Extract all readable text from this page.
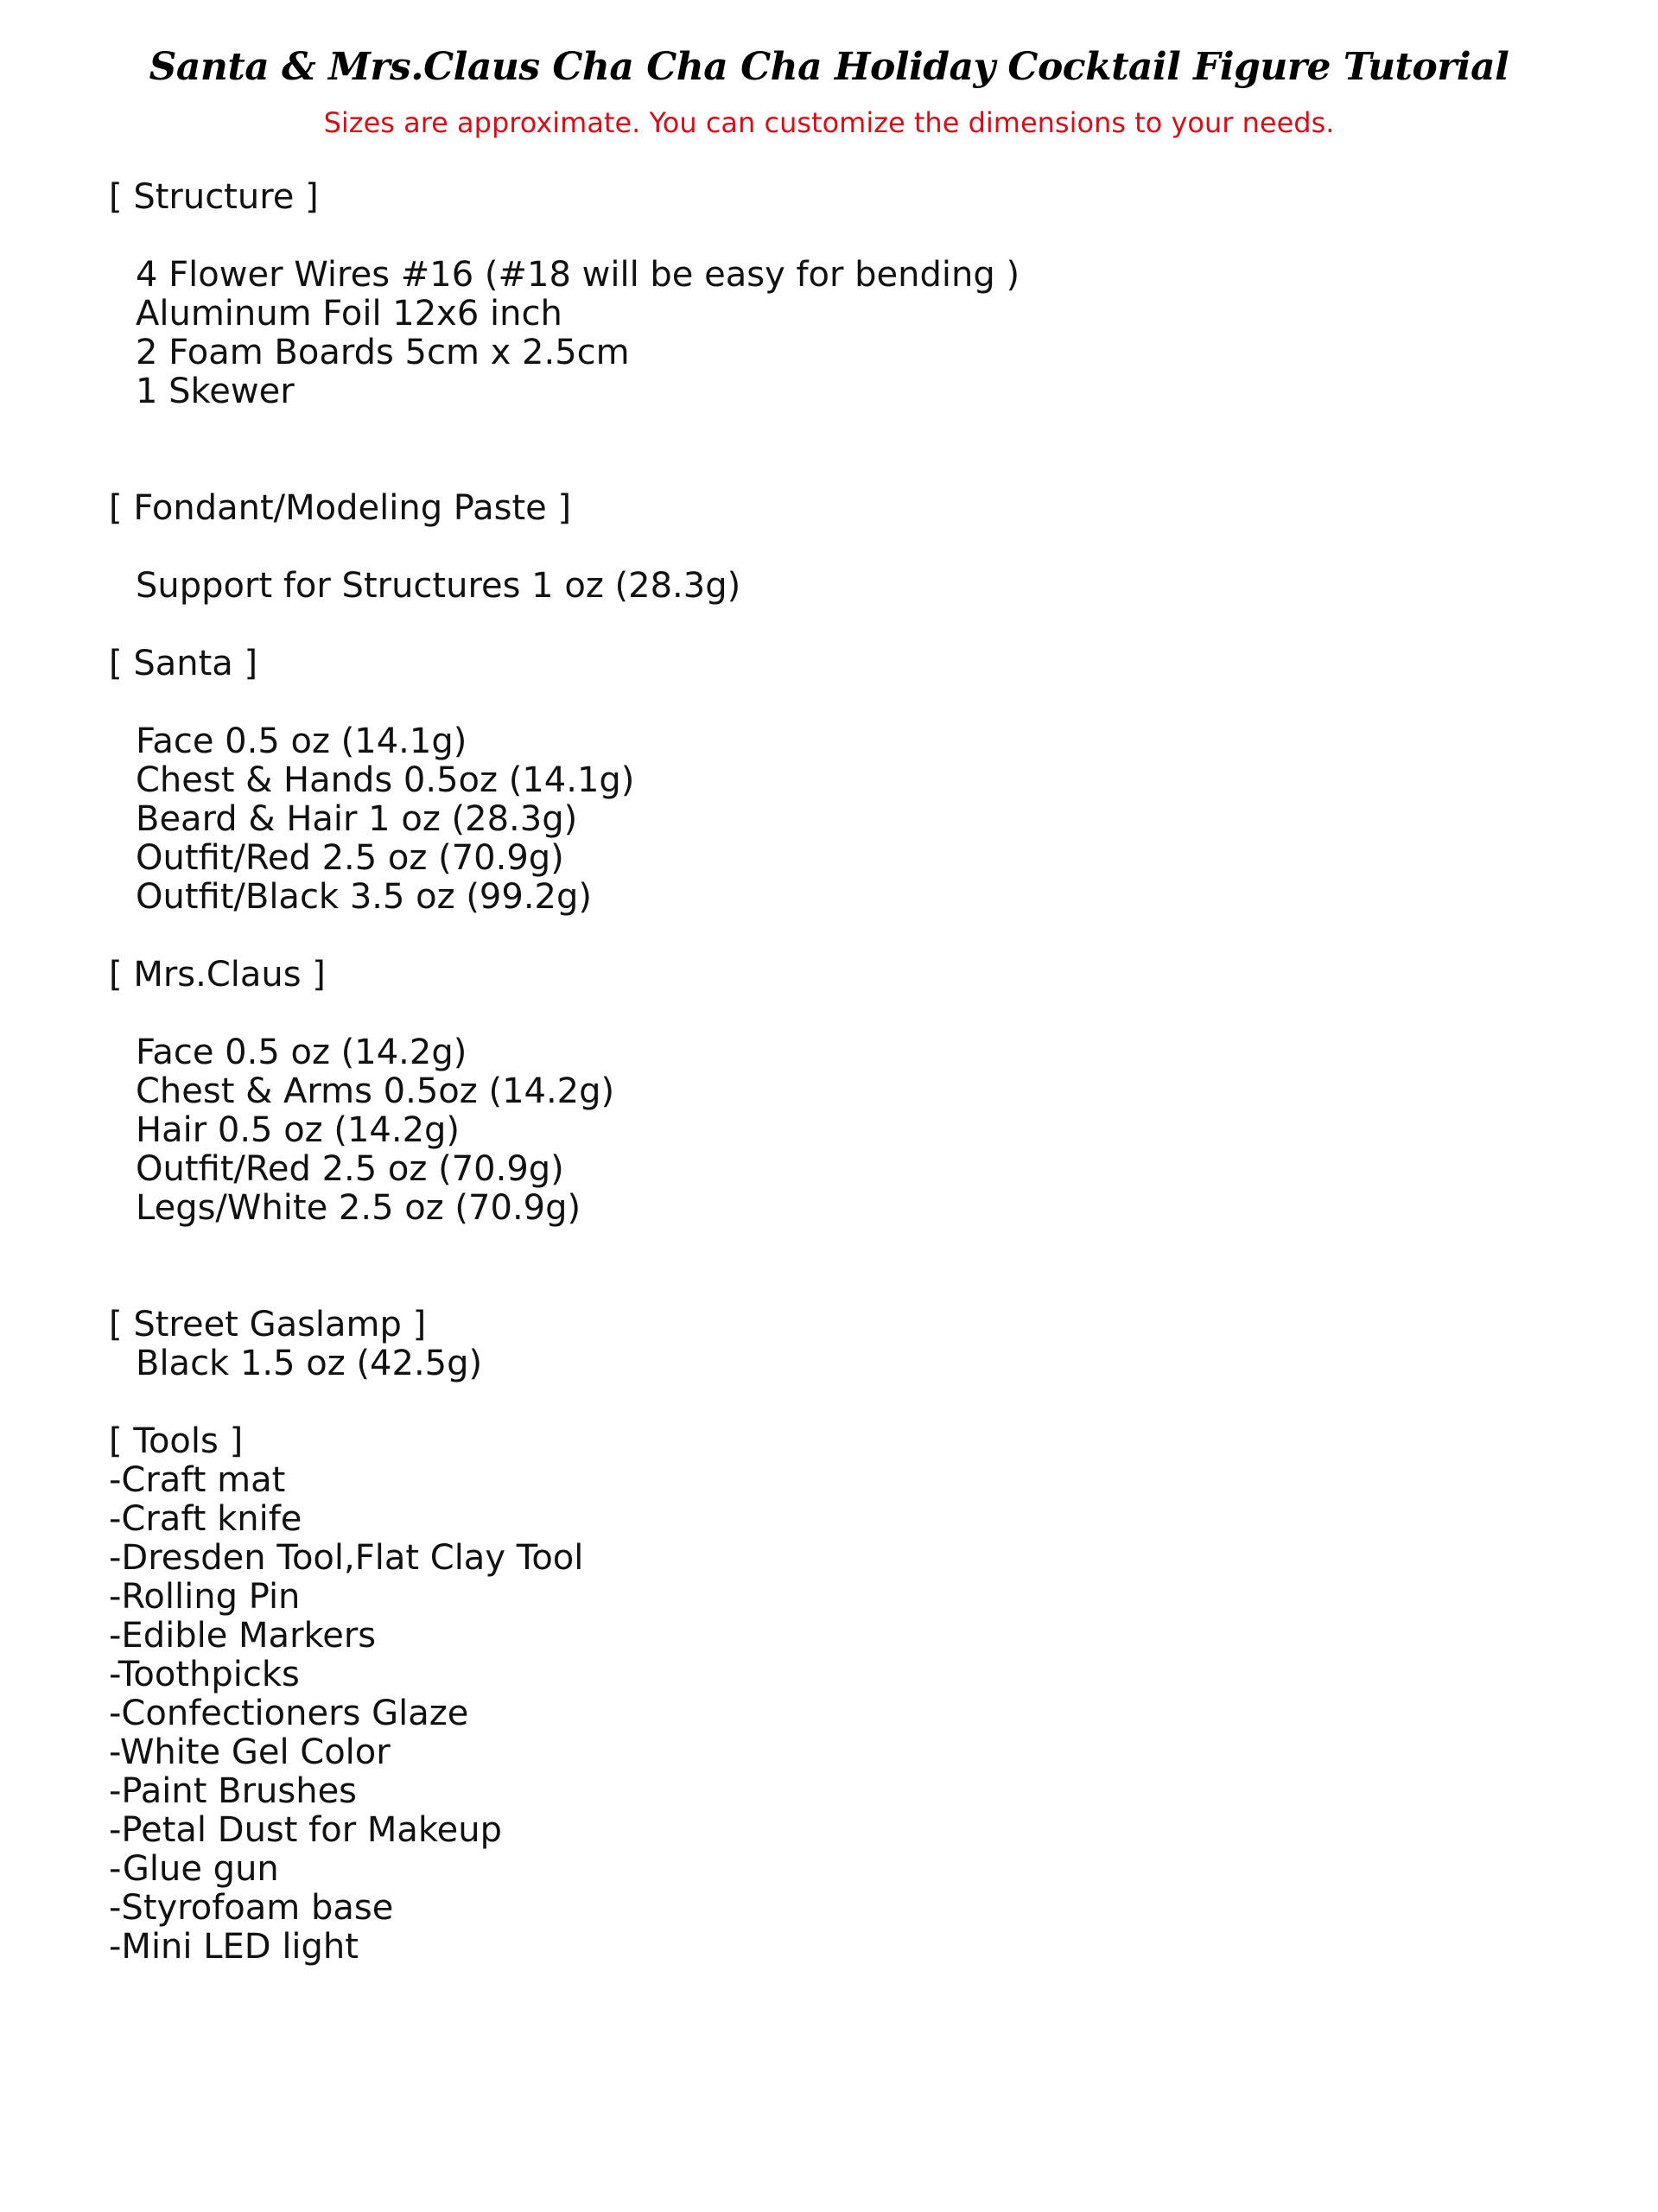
Santa & Mrs.Claus Cha Cha Cha Holiday Cocktail Figure Tutorial
Sizes are approximate. You can customize the dimensions to your needs.
[ Structure ]
4 Flower Wires #16 (#18 will be easy for bending )
Aluminum Foil 12x6 inch
2 Foam Boards 5cm x 2.5cm
1 Skewer
[ Fondant/Modeling Paste ]
Support for Structures 1 oz (28.3g)
[ Santa ]
Face 0.5 oz (14.1g)
Chest & Hands 0.5oz (14.1g)
Beard & Hair 1 oz (28.3g)
Outfit/Red 2.5 oz (70.9g)
Outfit/Black 3.5 oz (99.2g)
[ Mrs.Claus ]
Face 0.5 oz (14.2g)
Chest & Arms 0.5oz (14.2g)
Hair 0.5 oz (14.2g)
Outfit/Red 2.5 oz (70.9g)
Legs/White 2.5 oz (70.9g)
[ Street Gaslamp ]
Black 1.5 oz (42.5g)
[ Tools ]
-Craft mat
-Craft knife
-Dresden Tool,Flat Clay Tool
-Rolling Pin
-Edible Markers
-Toothpicks
-Confectioners Glaze
-White Gel Color
-Paint Brushes
-Petal Dust for Makeup
-Glue gun
-Styrofoam base
-Mini LED light
